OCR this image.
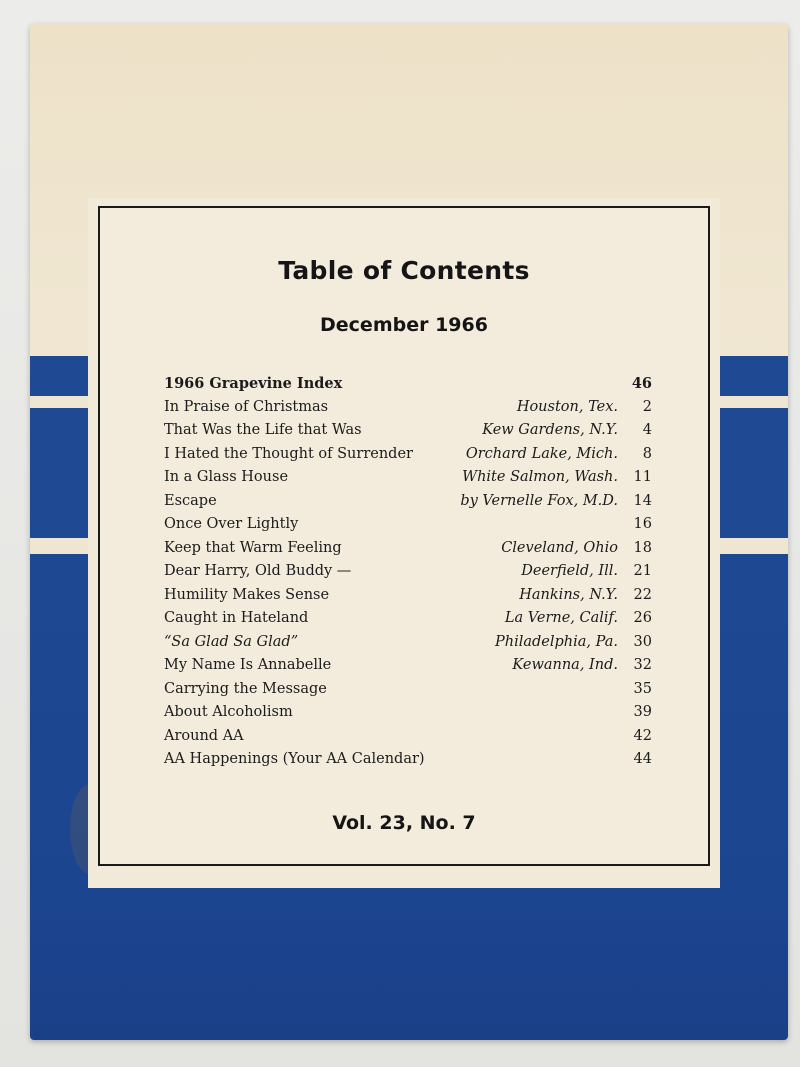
Table of Contents
December 1966
1966 Grapevine Index	46
In Praise of Christmas	Houston, Tex.	2
That Was the Life that Was	Kew Gardens, N.Y.	4
I Hated the Thought of Surrender	Orchard Lake, Mich.	8
In a Glass House	White Salmon, Wash.	11
Escape	by Vernelle Fox, M.D.	14
Once Over Lightly	16
Keep that Warm Feeling	Cleveland, Ohio	18
Dear Harry, Old Buddy —	Deerfield, Ill.	21
Humility Makes Sense	Hankins, N.Y.	22
Caught in Hateland	La Verne, Calif.	26
“Sa Glad Sa Glad”	Philadelphia, Pa.	30
My Name Is Annabelle	Kewanna, Ind.	32
Carrying the Message	35
About Alcoholism	39
Around AA	42
AA Happenings (Your AA Calendar)	44
Vol. 23, No. 7
